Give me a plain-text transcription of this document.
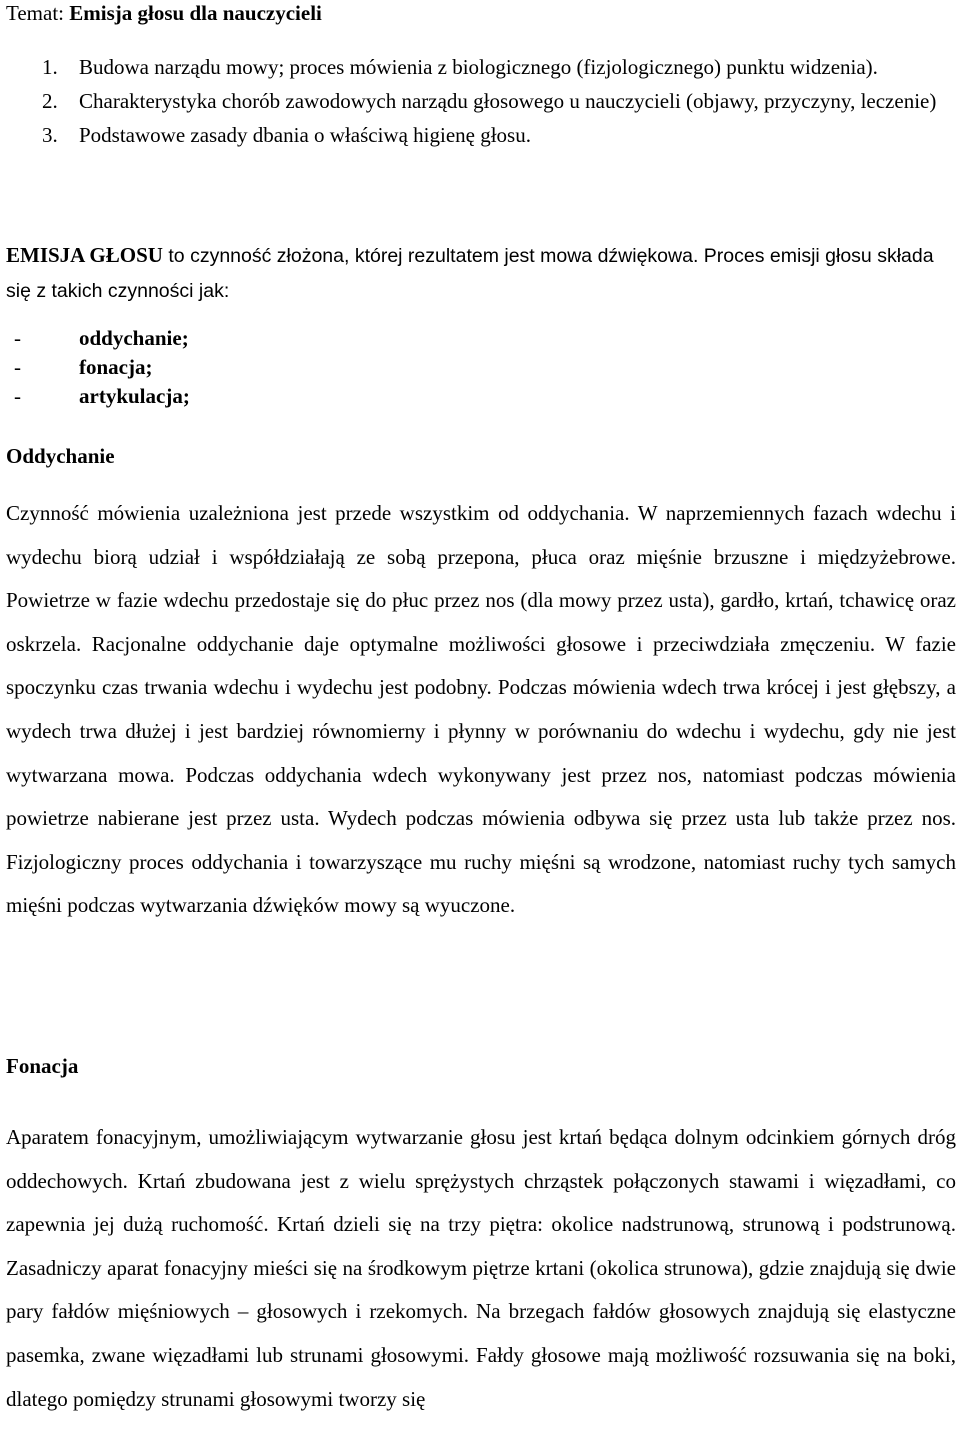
Temat: Emisja głosu dla nauczycieli
1.	Budowa narządu mowy; proces mówienia z biologicznego (fizjologicznego) punktu widzenia).
2.	Charakterystyka chorób zawodowych narządu głosowego u nauczycieli (objawy, przyczyny, leczenie)
3.	Podstawowe zasady dbania o właściwą higienę głosu.
EMISJA GŁOSU to czynność złożona, której rezultatem jest mowa dźwiękowa. Proces emisji głosu składa się z takich czynności jak:
-	oddychanie;
-	fonacja;
-	artykulacja;
Oddychanie
Czynność mówienia uzależniona jest przede wszystkim od oddychania. W naprzemiennych fazach wdechu i wydechu biorą udział i współdziałają ze sobą przepona, płuca oraz mięśnie brzuszne i międzyżebrowe. Powietrze w fazie wdechu przedostaje się do płuc przez nos (dla mowy przez usta), gardło, krtań, tchawicę oraz oskrzela. Racjonalne oddychanie daje optymalne możliwości głosowe i przeciwdziała zmęczeniu. W fazie spoczynku czas trwania wdechu i wydechu jest podobny. Podczas mówienia wdech trwa krócej i jest głębszy, a wydech trwa dłużej i jest bardziej równomierny i płynny w porównaniu do wdechu i wydechu, gdy nie jest wytwarzana mowa. Podczas oddychania wdech wykonywany jest przez nos, natomiast podczas mówienia powietrze nabierane jest przez usta. Wydech podczas mówienia odbywa się przez usta lub także przez nos. Fizjologiczny proces oddychania i towarzyszące mu ruchy mięśni są wrodzone, natomiast ruchy tych samych mięśni podczas wytwarzania dźwięków mowy są wyuczone.
Fonacja
Aparatem fonacyjnym, umożliwiającym wytwarzanie głosu jest krtań będąca dolnym odcinkiem górnych dróg oddechowych. Krtań zbudowana jest z wielu sprężystych chrząstek połączonych stawami i więzadłami, co zapewnia jej dużą ruchomość. Krtań dzieli się na trzy piętra: okolice nadstrunową, strunową i podstrunową. Zasadniczy aparat fonacyjny mieści się na środkowym piętrze krtani (okolica strunowa), gdzie znajdują się dwie pary fałdów mięśniowych – głosowych i rzekomych. Na brzegach fałdów głosowych znajdują się elastyczne pasemka, zwane więzadłami lub strunami głosowymi. Fałdy głosowe mają możliwość rozsuwania się na boki, dlatego pomiędzy strunami głosowymi tworzy się
